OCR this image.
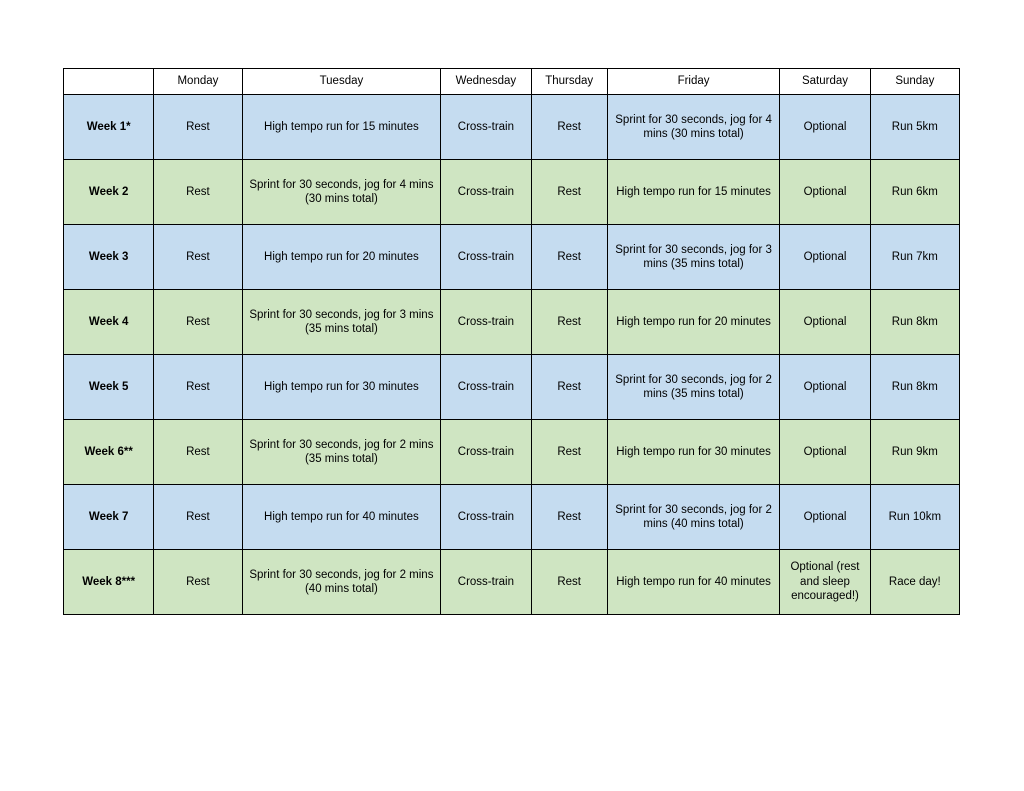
	Monday	Tuesday	Wednesday	Thursday	Friday	Saturday	Sunday
Week 1*	Rest	High tempo run for 15 minutes	Cross-train	Rest	Sprint for 30 seconds, jog for 4 mins (30 mins total)	Optional	Run 5km
Week 2	Rest	Sprint for 30 seconds, jog for 4 mins (30 mins total)	Cross-train	Rest	High tempo run for 15 minutes	Optional	Run 6km
Week 3	Rest	High tempo run for 20 minutes	Cross-train	Rest	Sprint for 30 seconds, jog for 3 mins (35 mins total)	Optional	Run 7km
Week 4	Rest	Sprint for 30 seconds, jog for 3 mins (35 mins total)	Cross-train	Rest	High tempo run for 20 minutes	Optional	Run 8km
Week 5	Rest	High tempo run for 30 minutes	Cross-train	Rest	Sprint for 30 seconds, jog for 2 mins (35 mins total)	Optional	Run 8km
Week 6**	Rest	Sprint for 30 seconds, jog for 2 mins (35 mins total)	Cross-train	Rest	High tempo run for 30 minutes	Optional	Run 9km
Week 7	Rest	High tempo run for 40 minutes	Cross-train	Rest	Sprint for 30 seconds, jog for 2 mins (40 mins total)	Optional	Run 10km
Week 8***	Rest	Sprint for 30 seconds, jog for 2 mins (40 mins total)	Cross-train	Rest	High tempo run for 40 minutes	Optional (rest and sleep encouraged!)	Race day!
